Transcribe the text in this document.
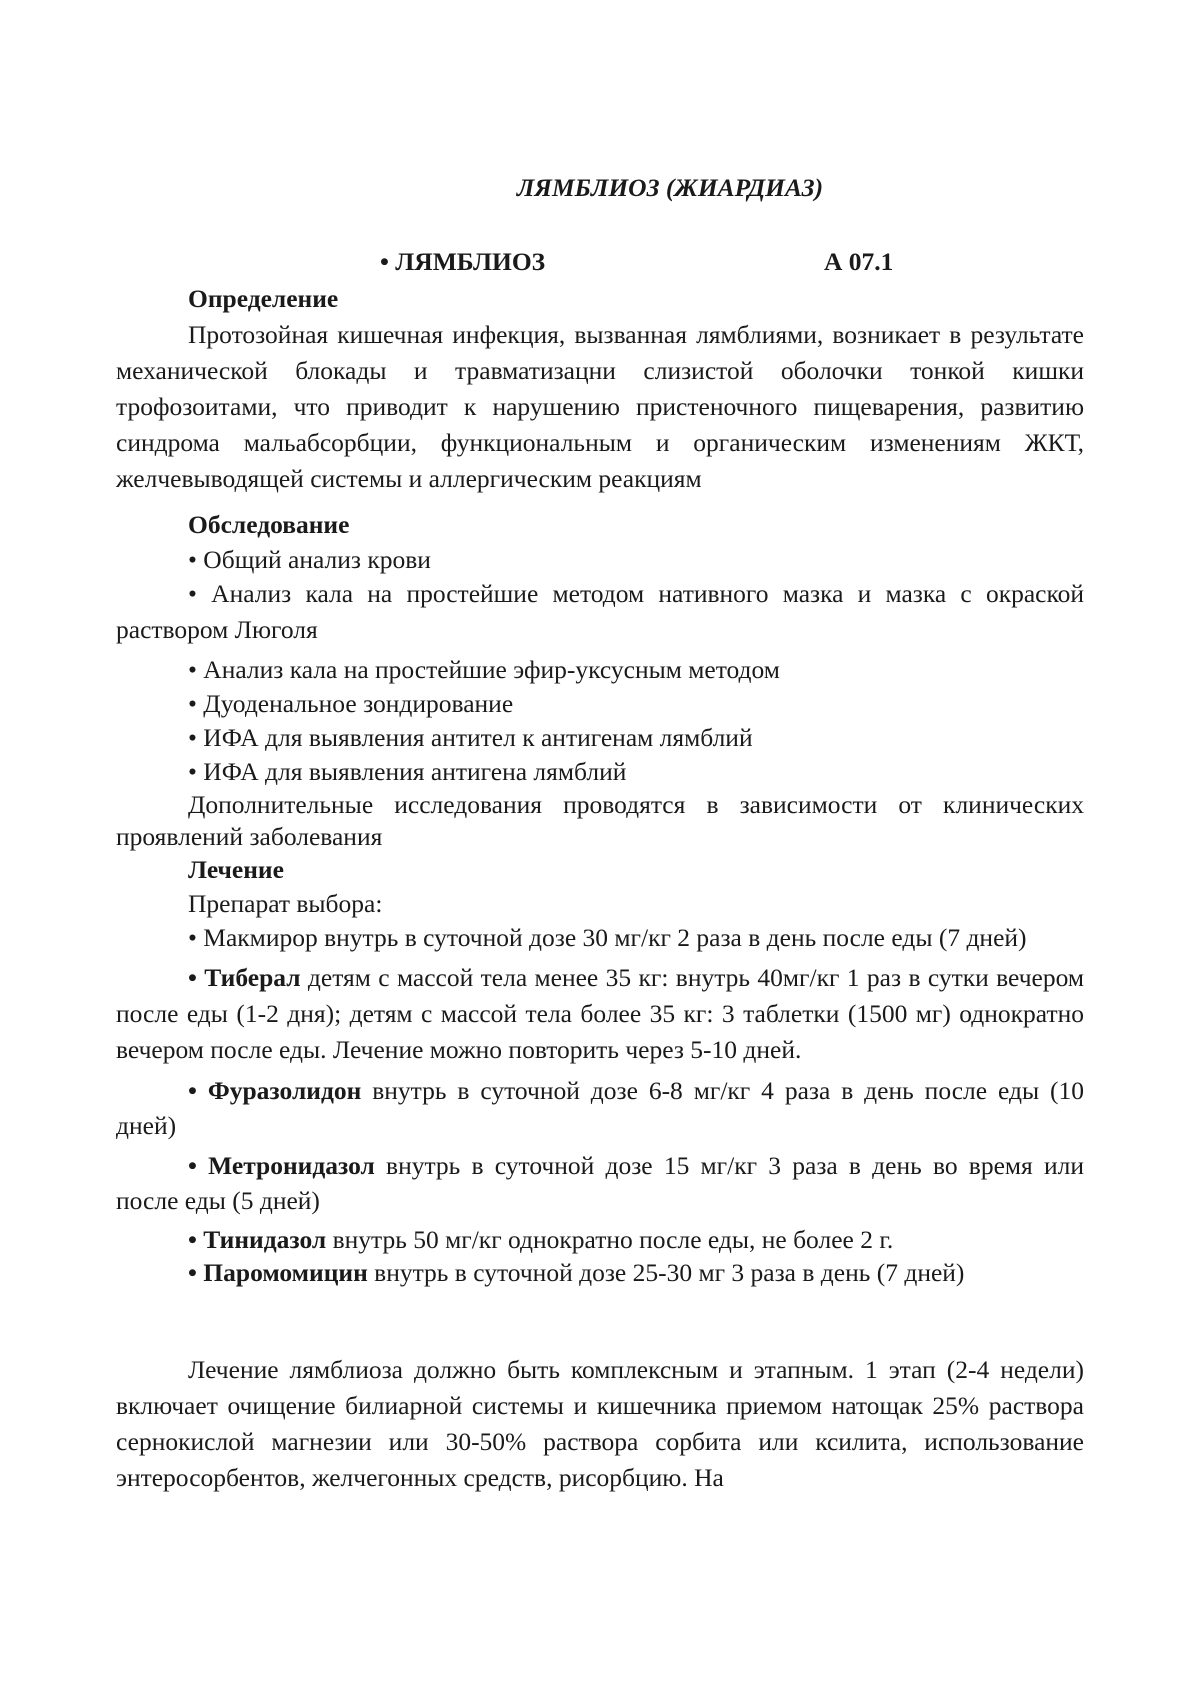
ЛЯМБЛИОЗ (ЖИАРДИАЗ)
• ЛЯМБЛИОЗ	А 07.1
Определение

Протозойная кишечная инфекция, вызванная лямблиями, возникает в результате механической блокады и травматизацни слизистой оболочки тонкой кишки трофозоитами, что приводит к нарушению пристеночного пищеварения, развитию синдрома мальабсорбции, функциональным и органическим изменениям ЖКТ, желчевыводящей системы и аллергическим реакциям

Обследование

• Общий анализ крови

• Анализ кала на простейшие методом нативного мазка и мазка с окраской раствором Люголя

• Анализ кала на простейшие эфир-уксусным методом

• Дуоденальное зондирование

• ИФА для выявления антител к антигенам лямблий

• ИФА для выявления антигена лямблий

Дополнительные исследования проводятся в зависимости от клинических проявлений заболевания

Лечение
Препарат выбора:

• Макмирор внутрь в суточной дозе 30 мг/кг 2 раза в день после еды (7 дней)

• Тиберал детям с массой тела менее 35 кг: внутрь 40мг/кг 1 раз в сутки вечером после еды (1-2 дня); детям с массой тела более 35 кг: 3 таблетки (1500 мг) однократно вечером после еды. Лечение можно повторить через 5-10 дней.

• Фуразолидон внутрь в суточной дозе 6-8 мг/кг 4 раза в день после еды (10 дней)

• Метронидазол внутрь в суточной дозе 15 мг/кг 3 раза в день во время или после еды (5 дней)

• Тинидазол внутрь 50 мг/кг однократно после еды, не более 2 г.

• Паромомицин внутрь в суточной дозе 25-30 мг 3 раза в день (7 дней)

Лечение лямблиоза должно быть комплексным и этапным. 1 этап (2-4 недели) включает очищение билиарной системы и кишечника приемом натощак 25% раствора сернокислой магнезии или 30-50% раствора сорбита или ксилита, использование энтеросорбентов, желчегонных средств, рисорбцию. На
